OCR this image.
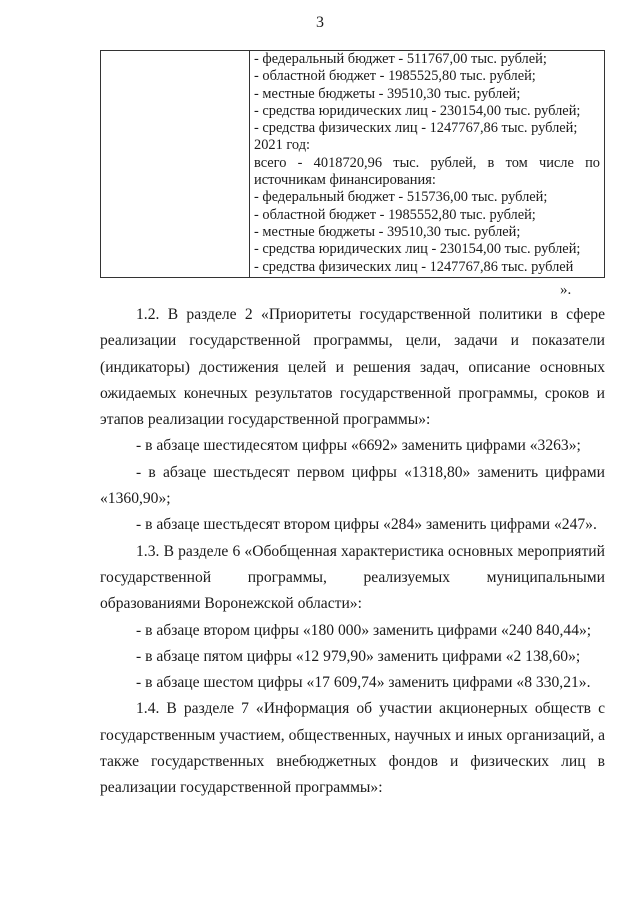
3
- федеральный бюджет - 511767,00 тыс. рублей;
- областной бюджет - 1985525,80 тыс. рублей;
- местные бюджеты - 39510,30 тыс. рублей;
- средства юридических лиц - 230154,00 тыс. рублей;
- средства физических лиц - 1247767,86 тыс. рублей;
2021 год:
всего - 4018720,96 тыс. рублей, в том числе по
источникам финансирования:
- федеральный бюджет - 515736,00 тыс. рублей;
- областной бюджет - 1985552,80 тыс. рублей;
- местные бюджеты - 39510,30 тыс. рублей;
- средства юридических лиц - 230154,00 тыс. рублей;
- средства физических лиц - 1247767,86 тыс. рублей
».

1.2. В разделе 2 «Приоритеты государственной политики в сфере реализации государственной программы, цели, задачи и показатели (индикаторы) достижения целей и решения задач, описание основных ожидаемых конечных результатов государственной программы, сроков и этапов реализации государственной программы»:

- в абзаце шестидесятом цифры «6692» заменить цифрами «3263»;

- в абзаце шестьдесят первом цифры «1318,80» заменить цифрами «1360,90»;

- в абзаце шестьдесят втором цифры «284» заменить цифрами «247».

1.3. В разделе 6 «Обобщенная характеристика основных мероприятий государственной программы, реализуемых муниципальными образованиями Воронежской области»:

- в абзаце втором цифры «180 000» заменить цифрами «240 840,44»;

- в абзаце пятом цифры «12 979,90» заменить цифрами «2 138,60»;

- в абзаце шестом цифры «17 609,74» заменить цифрами «8 330,21».

1.4. В разделе 7 «Информация об участии акционерных обществ с государственным участием, общественных, научных и иных организаций, а также государственных внебюджетных фондов и физических лиц в реализации государственной программы»:
